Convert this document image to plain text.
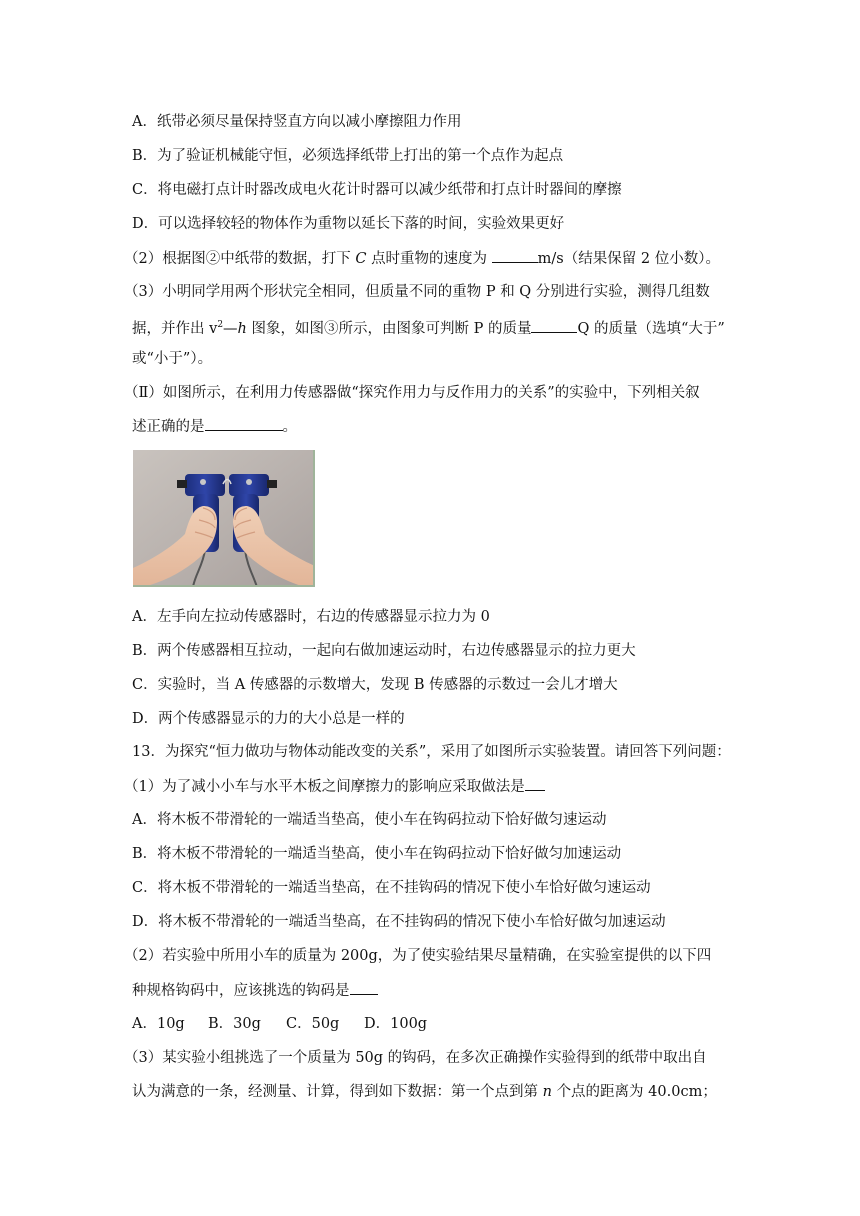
A．纸带必须尽量保持竖直方向以减小摩擦阻力作用
B．为了验证机械能守恒，必须选择纸带上打出的第一个点作为起点
C．将电磁打点计时器改成电火花计时器可以减少纸带和打点计时器间的摩擦
D．可以选择较轻的物体作为重物以延长下落的时间，实验效果更好
（2）根据图②中纸带的数据，打下 C 点时重物的速度为	m/s（结果保留 2 位小数）。
（3）小明同学用两个形状完全相同，但质量不同的重物 P 和 Q 分别进行实验，测得几组数
据，并作出 $v^2—h$ 图象，如图③所示，由图象可判断 P 的质量	Q 的质量（选填“大于”
或“小于”）。
（Ⅱ）如图所示，在利用力传感器做“探究作用力与反作用力的关系”的实验中，下列相关叙
述正确的是	。
A．左手向左拉动传感器时，右边的传感器显示拉力为 0
B．两个传感器相互拉动，一起向右做加速运动时，右边传感器显示的拉力更大
C．实验时，当 A 传感器的示数增大，发现 B 传感器的示数过一会儿才增大
D．两个传感器显示的力的大小总是一样的
13．为探究“恒力做功与物体动能改变的关系”，采用了如图所示实验装置。请回答下列问题：
（1）为了减小小车与水平木板之间摩擦力的影响应采取做法是
A．将木板不带滑轮的一端适当垫高，使小车在钩码拉动下恰好做匀速运动
B．将木板不带滑轮的一端适当垫高，使小车在钩码拉动下恰好做匀加速运动
C．将木板不带滑轮的一端适当垫高，在不挂钩码的情况下使小车恰好做匀速运动
D．将木板不带滑轮的一端适当垫高，在不挂钩码的情况下使小车恰好做匀加速运动
（2）若实验中所用小车的质量为 200g，为了使实验结果尽量精确，在实验室提供的以下四
种规格钩码中，应该挑选的钩码是
A．10g B．30g C．50g D．100g
（3）某实验小组挑选了一个质量为 50g 的钩码，在多次正确操作实验得到的纸带中取出自
认为满意的一条，经测量、计算，得到如下数据：第一个点到第 n 个点的距离为 40.0cm；
